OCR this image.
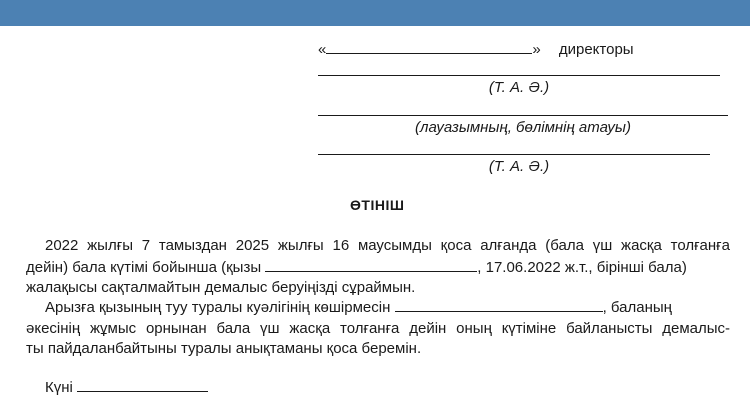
«	» директоры
(Т. А. Ә.)
(лауазымның, бөлімнің атауы)
(Т. А. Ә.)
ӨТІНІШ
2022 жылғы 7 тамыздан 2025 жылғы 16 маусымды қоса алғанда (бала үш жасқа толғанға
дейін) бала күтімі бойынша (қызы	, 17.06.2022 ж.т., бірінші бала)
жалақысы сақталмайтын демалыс беруіңізді сұраймын.
Арызға қызының туу туралы куәлігінің көшірмесін	, баланың
әкесінің жұмыс орнынан бала үш жасқа толғанға дейін оның күтіміне байланысты демалыс-
ты пайдаланбайтыны туралы анықтаманы қоса беремін.
Күні
